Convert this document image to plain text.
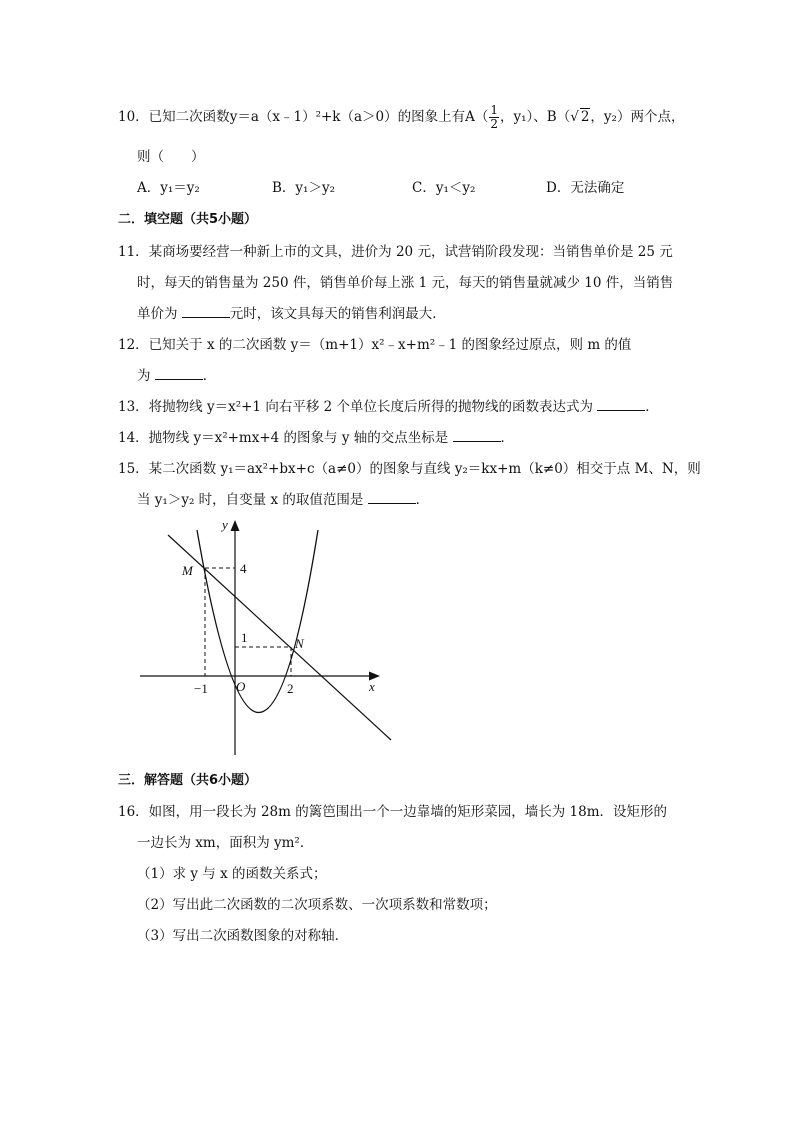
10．已知二次函数y＝a（x﹣1）²+k（a＞0）的图象上有$A( \frac{1}{2}$ ，y₁）、B（√ 2，y₂）两个点，
则（　　）
A．y₁＝y₂	B．y₁＞y₂	C．y₁＜y₂	D．无法确定
二．填空题（共5小题）
11．某商场要经营一种新上市的文具，进价为 20 元，试营销阶段发现：当销售单价是 25 元
时，每天的销售量为 250 件，销售单价每上涨 1 元，每天的销售量就减少 10 件，当销售
单价为	元时，该文具每天的销售利润最大．
12．已知关于 x 的二次函数 y＝（m+1）x²﹣x+m²﹣1 的图象经过原点，则 m 的值
为	．
13．将抛物线 y＝x²+1 向右平移 2 个单位长度后所得的抛物线的函数表达式为	．
14．抛物线 y＝x²+mx+4 的图象与 y 轴的交点坐标是	．
15．某二次函数 y₁＝ax²+bx+c（a≠0）的图象与直线 y₂＝kx+m（k≠0）相交于点 M、N，则
当 y₁＞y₂ 时，自变量 x 的取值范围是	．
M
N
4
1
−1	2
O	x
y
三．解答题（共6小题）
16．如图，用一段长为 28m 的篱笆围出一个一边靠墙的矩形菜园，墙长为 18m．设矩形的
一边长为 xm，面积为 ym²．
（1）求 y 与 x 的函数关系式；
（2）写出此二次函数的二次项系数、一次项系数和常数项；
（3）写出二次函数图象的对称轴．
